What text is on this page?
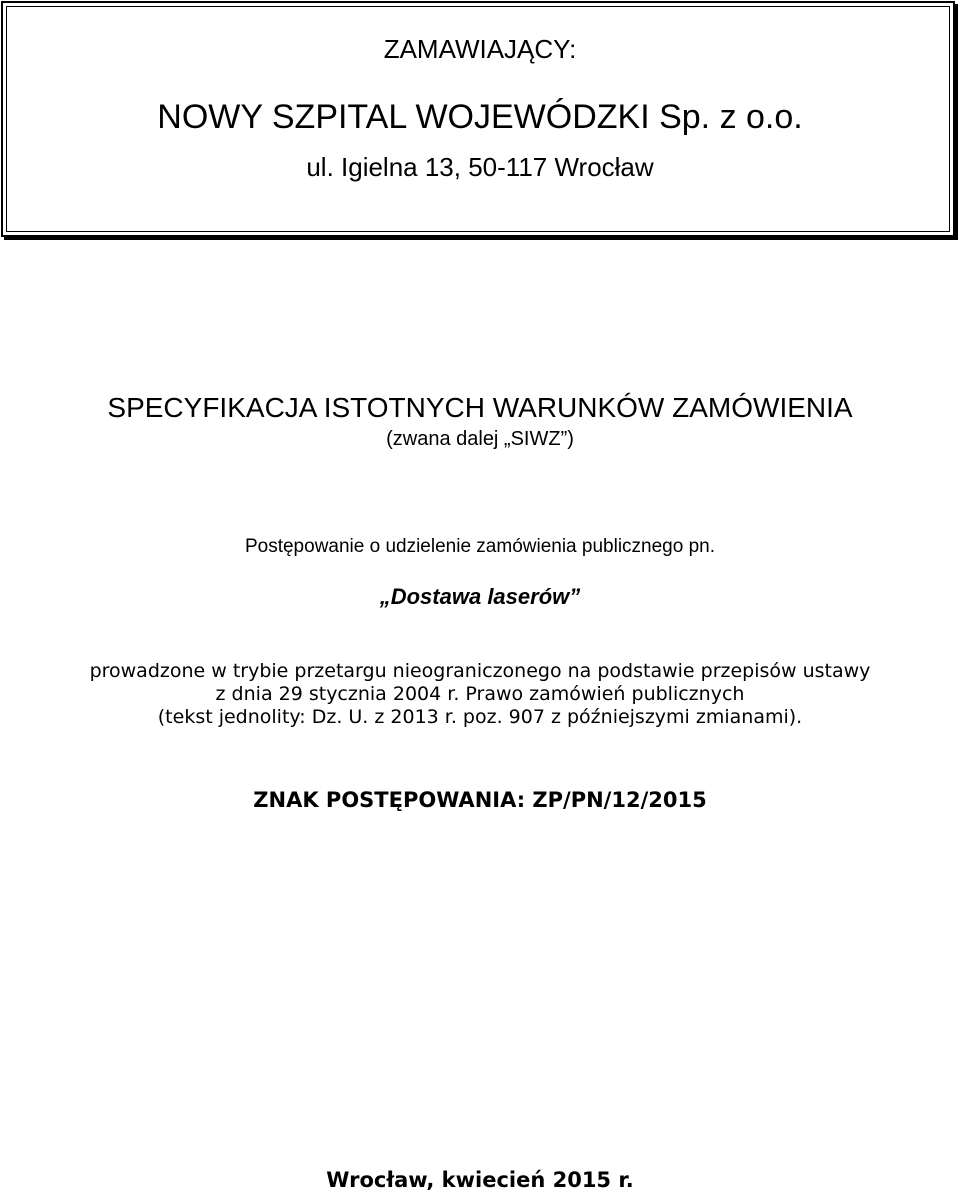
ZAMAWIAJĄCY:
NOWY SZPITAL WOJEWÓDZKI Sp. z o.o.
ul. Igielna 13, 50-117 Wrocław
SPECYFIKACJA ISTOTNYCH WARUNKÓW ZAMÓWIENIA
(zwana dalej „SIWZ”)
Postępowanie o udzielenie zamówienia publicznego pn.
„Dostawa laserów”
prowadzone w trybie przetargu nieograniczonego na podstawie przepisów ustawy
z dnia 29 stycznia 2004 r. Prawo zamówień publicznych
(tekst jednolity: Dz. U. z 2013 r. poz. 907 z późniejszymi zmianami).
ZNAK POSTĘPOWANIA: ZP/PN/12/2015
Wrocław, kwiecień 2015 r.
